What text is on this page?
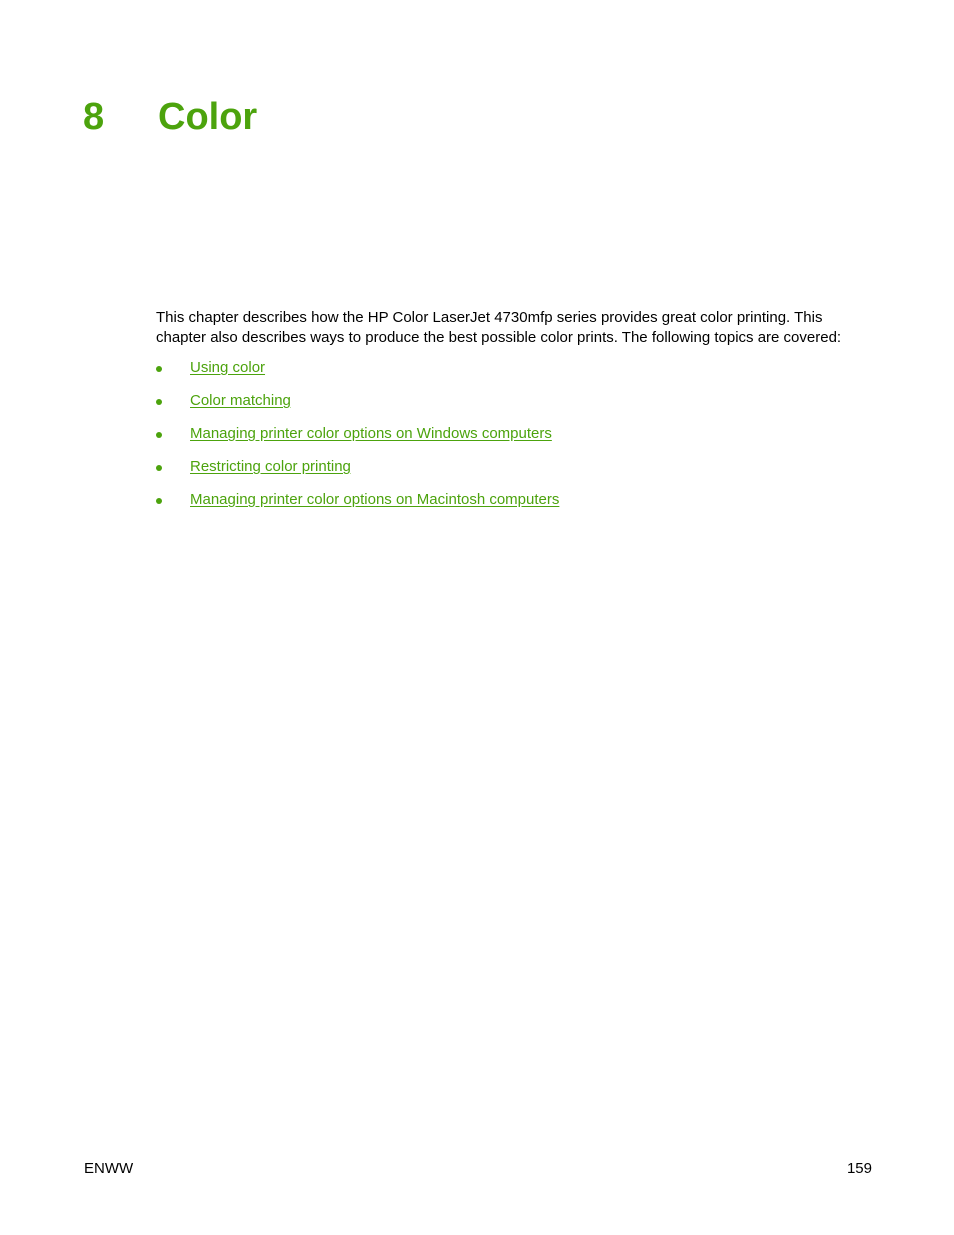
8	Color

This chapter describes how the HP Color LaserJet 4730mfp series provides great color printing. This chapter also describes ways to produce the best possible color prints. The following topics are covered:

Using color
Color matching
Managing printer color options on Windows computers
Restricting color printing
Managing printer color options on Macintosh computers
ENWW	159
